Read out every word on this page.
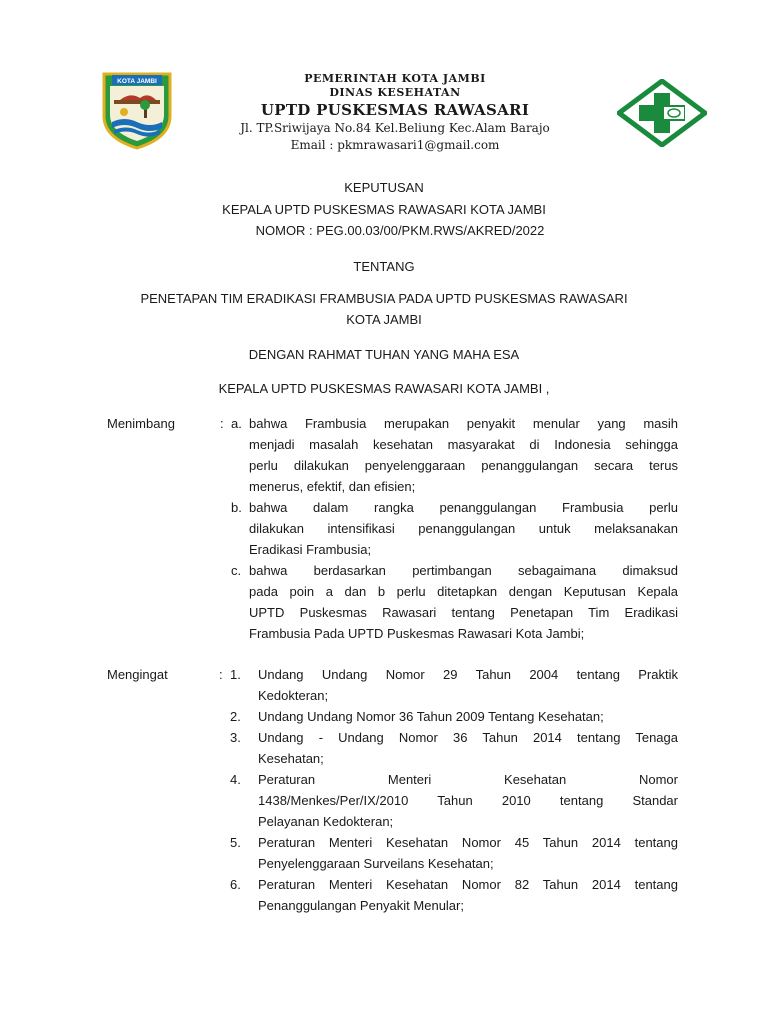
KOTA JAMBI	PEMERINTAH KOTA JAMBI
DINAS KESEHATAN
UPTD PUSKESMAS RAWASARI
Jl. TP.Sriwijaya No.84 Kel.Beliung Kec.Alam Barajo
Email : pkmrawasari1@gmail.com
KEPUTUSAN
KEPALA UPTD PUSKESMAS RAWASARI KOTA JAMBI
NOMOR : PEG.00.03/00/PKM.RWS/AKRED/2022
TENTANG
PENETAPAN TIM ERADIKASI FRAMBUSIA PADA UPTD PUSKESMAS RAWASARI
KOTA JAMBI
DENGAN RAHMAT TUHAN YANG MAHA ESA
KEPALA UPTD PUSKESMAS RAWASARI KOTA JAMBI ,
Menimbang	: a. bahwa Frambusia merupakan penyakit menular yang masih
menjadi masalah kesehatan masyarakat di Indonesia sehingga
perlu dilakukan penyelenggaraan penanggulangan secara terus
menerus, efektif, dan efisien;
b. bahwa dalam rangka penanggulangan Frambusia perlu
dilakukan intensifikasi penanggulangan untuk melaksanakan
Eradikasi Frambusia;
c. bahwa berdasarkan pertimbangan sebagaimana dimaksud
pada poin a dan b perlu ditetapkan dengan Keputusan Kepala
UPTD Puskesmas Rawasari tentang Penetapan Tim Eradikasi
Frambusia Pada UPTD Puskesmas Rawasari Kota Jambi;
Mengingat	: 1. Undang Undang Nomor 29 Tahun 2004 tentang Praktik
Kedokteran;
2. Undang Undang Nomor 36 Tahun 2009 Tentang Kesehatan;
3. Undang - Undang Nomor 36 Tahun 2014 tentang Tenaga
Kesehatan;
4. Peraturan Menteri Kesehatan Nomor
1438/Menkes/Per/IX/2010 Tahun 2010 tentang Standar
Pelayanan Kedokteran;
5. Peraturan Menteri Kesehatan Nomor 45 Tahun 2014 tentang
Penyelenggaraan Surveilans Kesehatan;
6. Peraturan Menteri Kesehatan Nomor 82 Tahun 2014 tentang
Penanggulangan Penyakit Menular;
